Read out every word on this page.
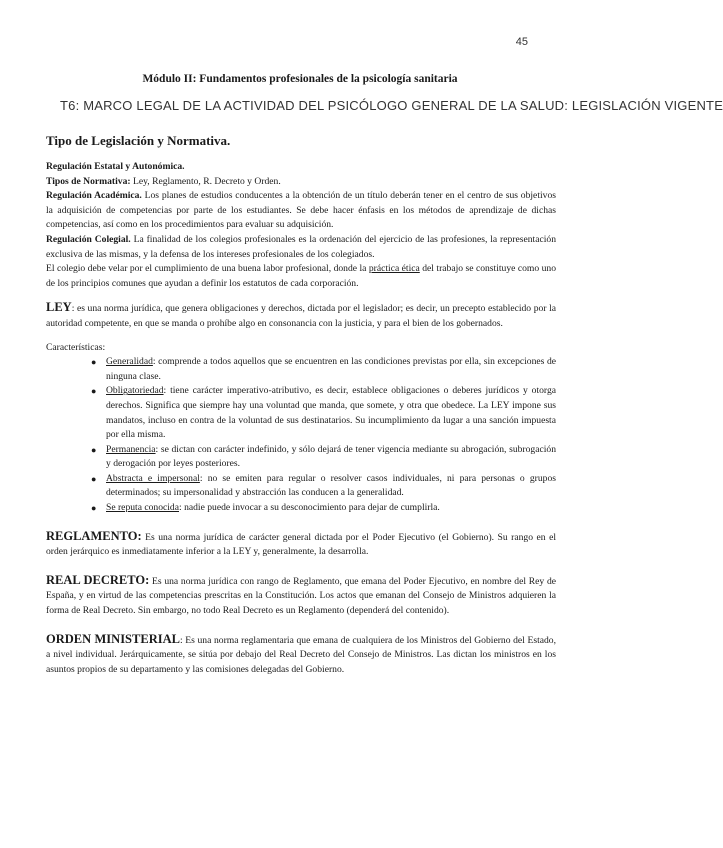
45
Módulo II: Fundamentos profesionales de la psicología sanitaria
T6: MARCO LEGAL DE LA ACTIVIDAD DEL PSICÓLOGO GENERAL DE LA SALUD: LEGISLACIÓN VIGENTE
Tipo de Legislación y Normativa.

Regulación Estatal y Autonómica.

Tipos de Normativa: Ley, Reglamento, R. Decreto y Orden.

Regulación Académica. Los planes de estudios conducentes a la obtención de un título deberán tener en el centro de sus objetivos la adquisición de competencias por parte de los estudiantes. Se debe hacer énfasis en los métodos de aprendizaje de dichas competencias, así como en los procedimientos para evaluar su adquisición.

Regulación Colegial. La finalidad de los colegios profesionales es la ordenación del ejercicio de las profesiones, la representación exclusiva de las mismas, y la defensa de los intereses profesionales de los colegiados.

El colegio debe velar por el cumplimiento de una buena labor profesional, donde la práctica ética del trabajo se constituye como uno de los principios comunes que ayudan a definir los estatutos de cada corporación.

LEY: es una norma jurídica, que genera obligaciones y derechos, dictada por el legislador; es decir, un precepto establecido por la autoridad competente, en que se manda o prohíbe algo en consonancia con la justicia, y para el bien de los gobernados.

Características:

● Generalidad: comprende a todos aquellos que se encuentren en las condiciones previstas por ella, sin excepciones de ninguna clase.
● Obligatoriedad: tiene carácter imperativo-atributivo, es decir, establece obligaciones o deberes jurídicos y otorga derechos. Significa que siempre hay una voluntad que manda, que somete, y otra que obedece. La LEY impone sus mandatos, incluso en contra de la voluntad de sus destinatarios. Su incumplimiento da lugar a una sanción impuesta por ella misma.
● Permanencia: se dictan con carácter indefinido, y sólo dejará de tener vigencia mediante su abrogación, subrogación y derogación por leyes posteriores.
● Abstracta e impersonal: no se emiten para regular o resolver casos individuales, ni para personas o grupos determinados; su impersonalidad y abstracción las conducen a la generalidad.
● Se reputa conocida: nadie puede invocar a su desconocimiento para dejar de cumplirla.

REGLAMENTO: Es una norma jurídica de carácter general dictada por el Poder Ejecutivo (el Gobierno). Su rango en el orden jerárquico es inmediatamente inferior a la LEY y, generalmente, la desarrolla.

REAL DECRETO: Es una norma jurídica con rango de Reglamento, que emana del Poder Ejecutivo, en nombre del Rey de España, y en virtud de las competencias prescritas en la Constitución. Los actos que emanan del Consejo de Ministros adquieren la forma de Real Decreto. Sin embargo, no todo Real Decreto es un Reglamento (dependerá del contenido).

ORDEN MINISTERIAL: Es una norma reglamentaria que emana de cualquiera de los Ministros del Gobierno del Estado, a nivel individual. Jerárquicamente, se sitúa por debajo del Real Decreto del Consejo de Ministros. Las dictan los ministros en los asuntos propios de su departamento y las comisiones delegadas del Gobierno.
